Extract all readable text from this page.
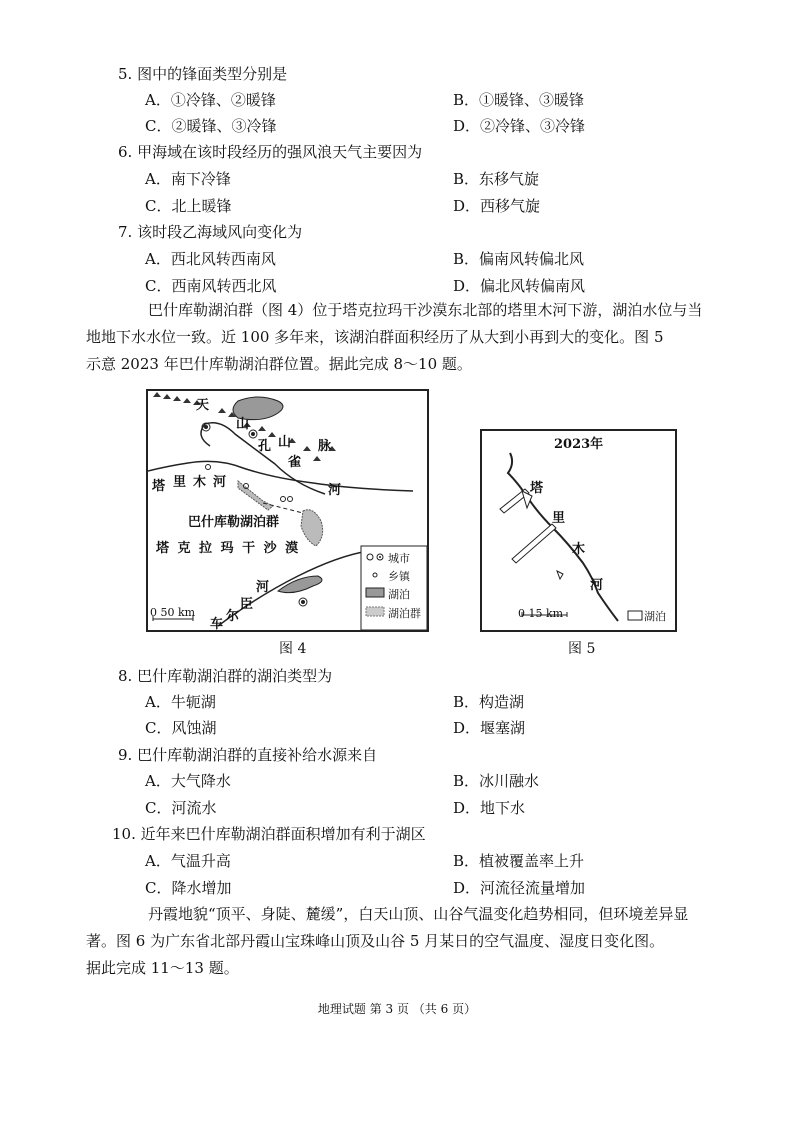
5. 图中的锋面类型分别是
A．①冷锋、②暖锋	B．①暖锋、③暖锋
C．②暖锋、③冷锋	D．②冷锋、③冷锋
6. 甲海域在该时段经历的强风浪天气主要因为
A．南下冷锋	B．东移气旋
C．北上暖锋	D．西移气旋
7. 该时段乙海域风向变化为
A．西北风转西南风	B．偏南风转偏北风
C．西南风转西北风	D．偏北风转偏南风

巴什库勒湖泊群（图 4）位于塔克拉玛干沙漠东北部的塔里木河下游，湖泊水位与当

地地下水水位一致。近 100 多年来，该湖泊群面积经历了从大到小再到大的变化。图 5

示意 2023 年巴什库勒湖泊群位置。据此完成 8～10 题。

天
山
山 脉
孔
雀
河
塔 里 木 河
巴什库勒湖泊群
塔 克 拉 玛 干 沙 漠
河
臣
尔
车
0 50 km
城市
乡镇
湖泊
湖泊群
图 4
2023年
塔
里
木
河
0 15 km	湖泊
图 5
8. 巴什库勒湖泊群的湖泊类型为
A．牛轭湖	B．构造湖
C．风蚀湖	D．堰塞湖
9. 巴什库勒湖泊群的直接补给水源来自
A．大气降水	B．冰川融水
C．河流水	D．地下水
10. 近年来巴什库勒湖泊群面积增加有利于湖区
A．气温升高	B．植被覆盖率上升
C．降水增加	D．河流径流量增加

丹霞地貌“顶平、身陡、麓缓”，白天山顶、山谷气温变化趋势相同，但环境差异显

著。图 6 为广东省北部丹霞山宝珠峰山顶及山谷 5 月某日的空气温度、湿度日变化图。

据此完成 11～13 题。

地理试题 第 3 页 （共 6 页）
